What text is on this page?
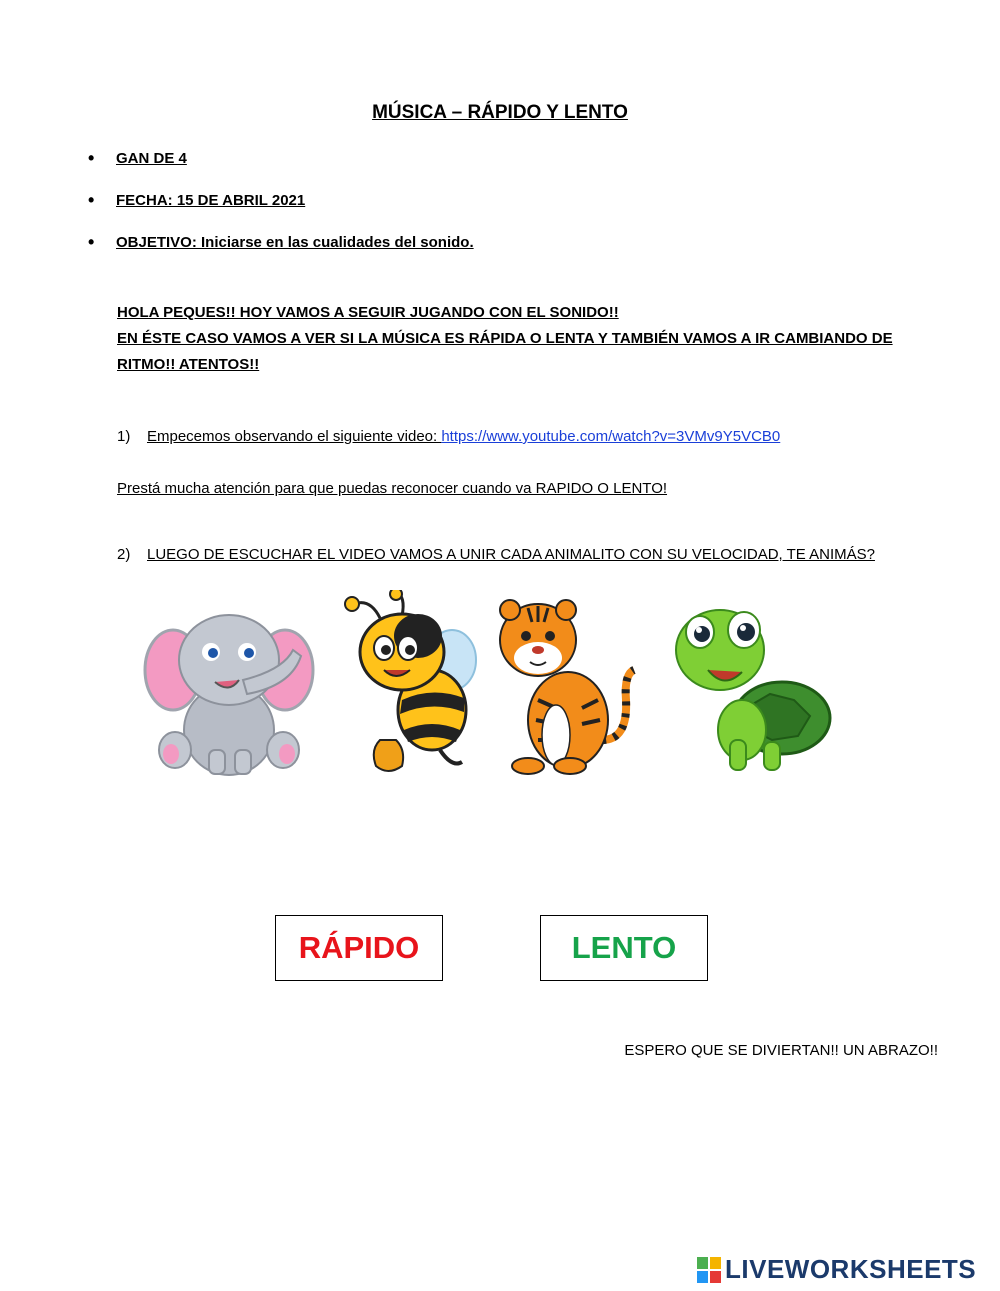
MÚSICA – RÁPIDO Y LENTO
• GAN DE 4
• FECHA: 15 DE ABRIL 2021
• OBJETIVO: Iniciarse en las cualidades del sonido.

HOLA PEQUES!! HOY VAMOS A SEGUIR JUGANDO CON EL SONIDO!!
EN ÉSTE CASO VAMOS A VER SI LA MÚSICA ES RÁPIDA O LENTA Y TAMBIÉN VAMOS A IR CAMBIANDO DE RITMO!! ATENTOS!!

1) Empecemos observando el siguiente video: https://www.youtube.com/watch?v=3VMv9Y5VCB0
Prestá mucha atención para que puedas reconocer cuando va RAPIDO O LENTO!
2) LUEGO DE ESCUCHAR EL VIDEO VAMOS A UNIR CADA ANIMALITO CON SU VELOCIDAD, TE ANIMÁS?
RÁPIDO	LENTO
ESPERO QUE SE DIVIERTAN!! UN ABRAZO!!
LIVEWORKSHEETS
